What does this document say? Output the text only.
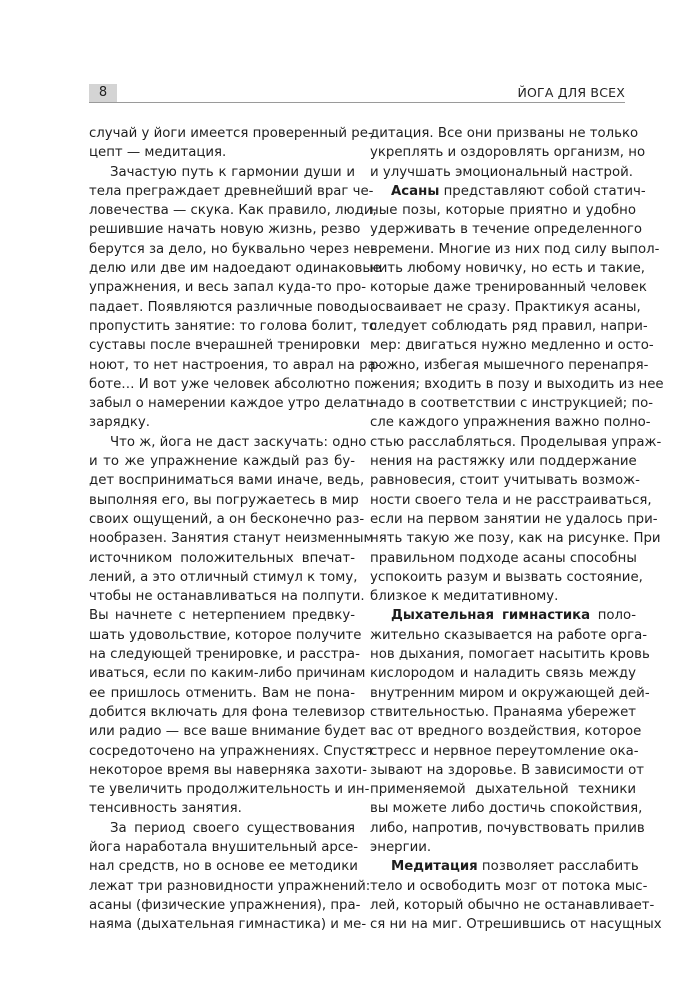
8	ЙОГА ДЛЯ ВСЕХ
случай у йоги имеется проверенный ре-
цепт — медитация.
Зачастую путь к гармонии души и
тела преграждает древнейший враг че-
ловечества — скука. Как правило, люди,
решившие начать новую жизнь, резво
берутся за дело, но буквально через не-
делю или две им надоедают одинаковые
упражнения, и весь запал куда-то про-
падает. Появляются различные поводы
пропустить занятие: то голова болит, то
суставы после вчерашней тренировки
ноют, то нет настроения, то аврал на ра-
боте… И вот уже человек абсолютно по-
забыл о намерении каждое утро делать
зарядку.
Что ж, йога не даст заскучать: одно
и то же упражнение каждый раз бу-
дет восприниматься вами иначе, ведь,
выполняя его, вы погружаетесь в мир
своих ощущений, а он бесконечно раз-
нообразен. Занятия станут неизменным
источником положительных впечат-
лений, а это отличный стимул к тому,
чтобы не останавливаться на полпути.
Вы начнете с нетерпением предвку-
шать удовольствие, которое получите
на следующей тренировке, и расстра-
иваться, если по каким-либо причинам
ее пришлось отменить. Вам не пона-
добится включать для фона телевизор
или радио — все ваше внимание будет
сосредоточено на упражнениях. Спустя
некоторое время вы наверняка захоти-
те увеличить продолжительность и ин-
тенсивность занятия.
За период своего существования
йога наработала внушительный арсе-
нал средств, но в основе ее методики
лежат три разновидности упражнений:
асаны (физические упражнения), пра-
наяма (дыхательная гимнастика) и ме-
дитация. Все они призваны не только
укреплять и оздоровлять организм, но
и улучшать эмоциональный настрой.
Асаны представляют собой статич-
ные позы, которые приятно и удобно
удерживать в течение определенного
времени. Многие из них под силу выпол-
нить любому новичку, но есть и такие,
которые даже тренированный человек
осваивает не сразу. Практикуя асаны,
следует соблюдать ряд правил, напри-
мер: двигаться нужно медленно и осто-
рожно, избегая мышечного перенапря-
жения; входить в позу и выходить из нее
надо в соответствии с инструкцией; по-
сле каждого упражнения важно полно-
стью расслабляться. Проделывая упраж-
нения на растяжку или поддержание
равновесия, стоит учитывать возмож-
ности своего тела и не расстраиваться,
если на первом занятии не удалось при-
нять такую же позу, как на рисунке. При
правильном подходе асаны способны
успокоить разум и вызвать состояние,
близкое к медитативному.
Дыхательная гимнастика поло-
жительно сказывается на работе орга-
нов дыхания, помогает насытить кровь
кислородом и наладить связь между
внутренним миром и окружающей дей-
ствительностью. Пранаяма убережет
вас от вредного воздействия, которое
стресс и нервное переутомление ока-
зывают на здоровье. В зависимости от
применяемой дыхательной техники
вы можете либо достичь спокойствия,
либо, напротив, почувствовать прилив
энергии.
Медитация позволяет расслабить
тело и освободить мозг от потока мыс-
лей, который обычно не останавливает-
ся ни на миг. Отрешившись от насущных
